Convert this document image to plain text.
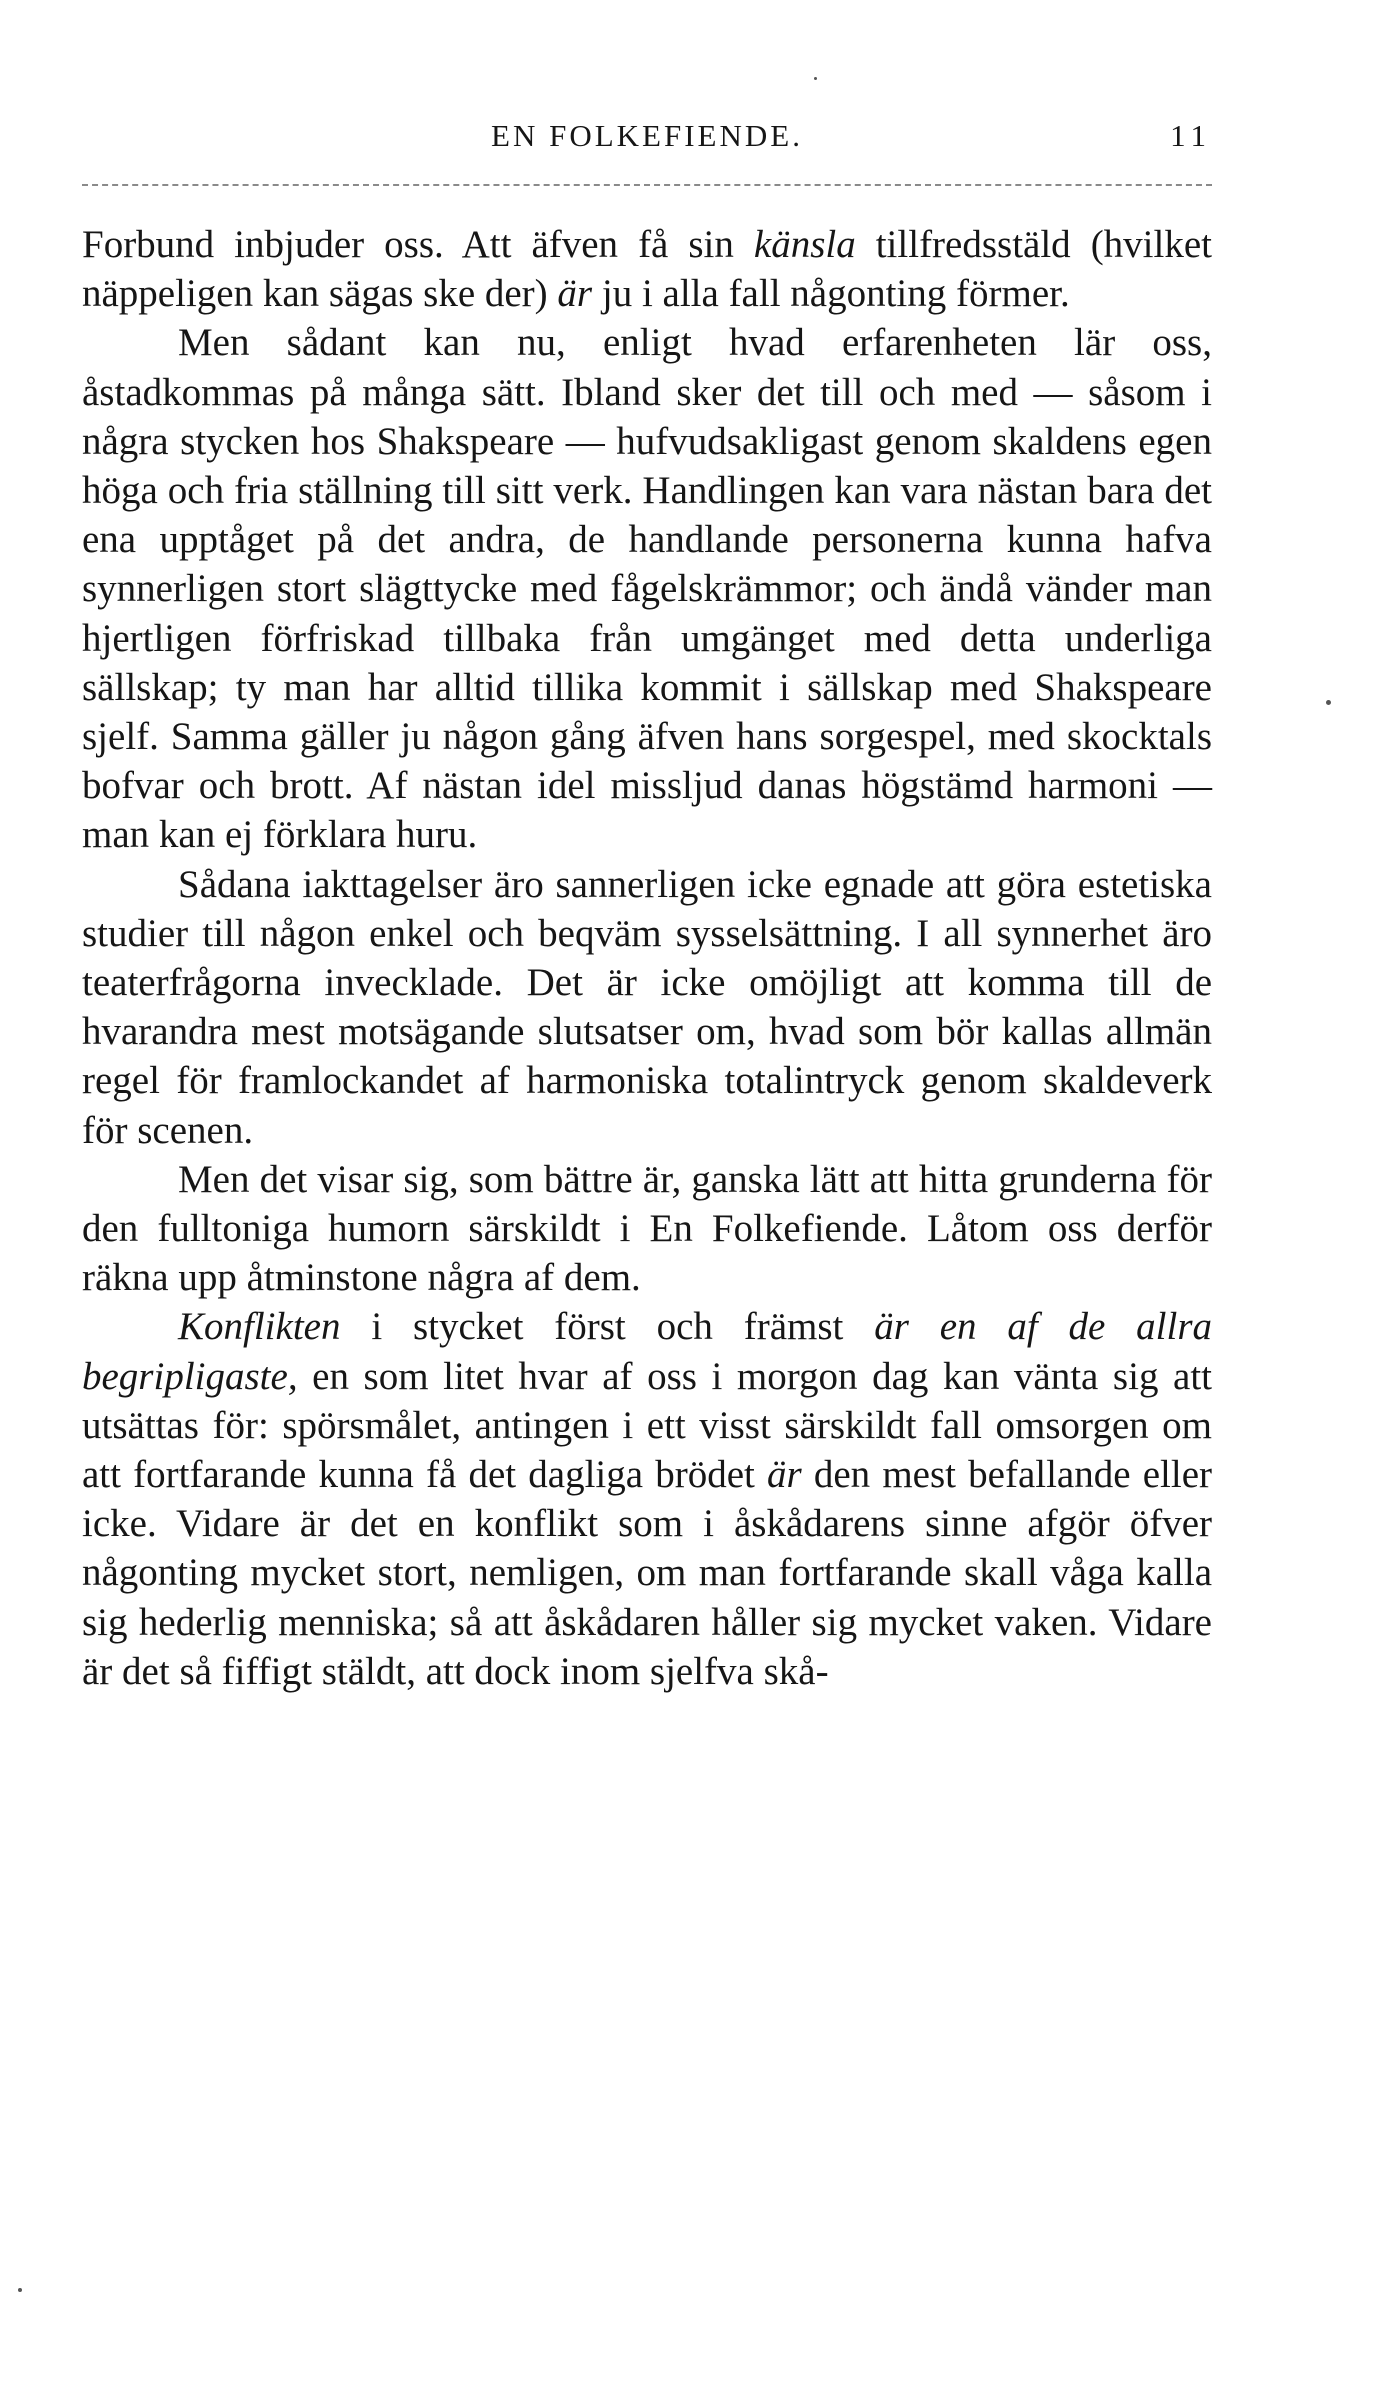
EN FOLKEFIENDE.	11

Forbund inbjuder oss. Att äfven få sin känsla tillfredsstäld (hvilket näppeligen kan sägas ske der) är ju i alla fall någonting förmer.

Men sådant kan nu, enligt hvad erfarenheten lär oss, åstadkommas på många sätt. Ibland sker det till och med — såsom i några stycken hos Shakspeare — hufvudsakligast genom skaldens egen höga och fria ställning till sitt verk. Handlingen kan vara nästan bara det ena upptåget på det andra, de handlande personerna kunna hafva synnerligen stort slägttycke med fågelskrämmor; och ändå vänder man hjertligen förfriskad tillbaka från umgänget med detta underliga sällskap; ty man har alltid tillika kommit i sällskap med Shakspeare sjelf. Samma gäller ju någon gång äfven hans sorgespel, med skocktals bofvar och brott. Af nästan idel missljud danas högstämd harmoni — man kan ej förklara huru.

Sådana iakttagelser äro sannerligen icke egnade att göra estetiska studier till någon enkel och beqväm sysselsättning. I all synnerhet äro teaterfrågorna invecklade. Det är icke omöjligt att komma till de hvarandra mest motsägande slutsatser om, hvad som bör kallas allmän regel för framlockandet af harmoniska totalintryck genom skaldeverk för scenen.

Men det visar sig, som bättre är, ganska lätt att hitta grunderna för den fulltoniga humorn särskildt i En Folkefiende. Låtom oss derför räkna upp åtminstone några af dem.

Konflikten i stycket först och främst är en af de allra begripligaste, en som litet hvar af oss i morgon dag kan vänta sig att utsättas för: spörsmålet, antingen i ett visst särskildt fall omsorgen om att fortfarande kunna få det dagliga brödet är den mest befallande eller icke. Vidare är det en konflikt som i åskådarens sinne afgör öfver någonting mycket stort, nemligen, om man fortfarande skall våga kalla sig hederlig menniska; så att åskådaren håller sig mycket vaken. Vidare är det så fiffigt stäldt, att dock inom sjelfva skå-
